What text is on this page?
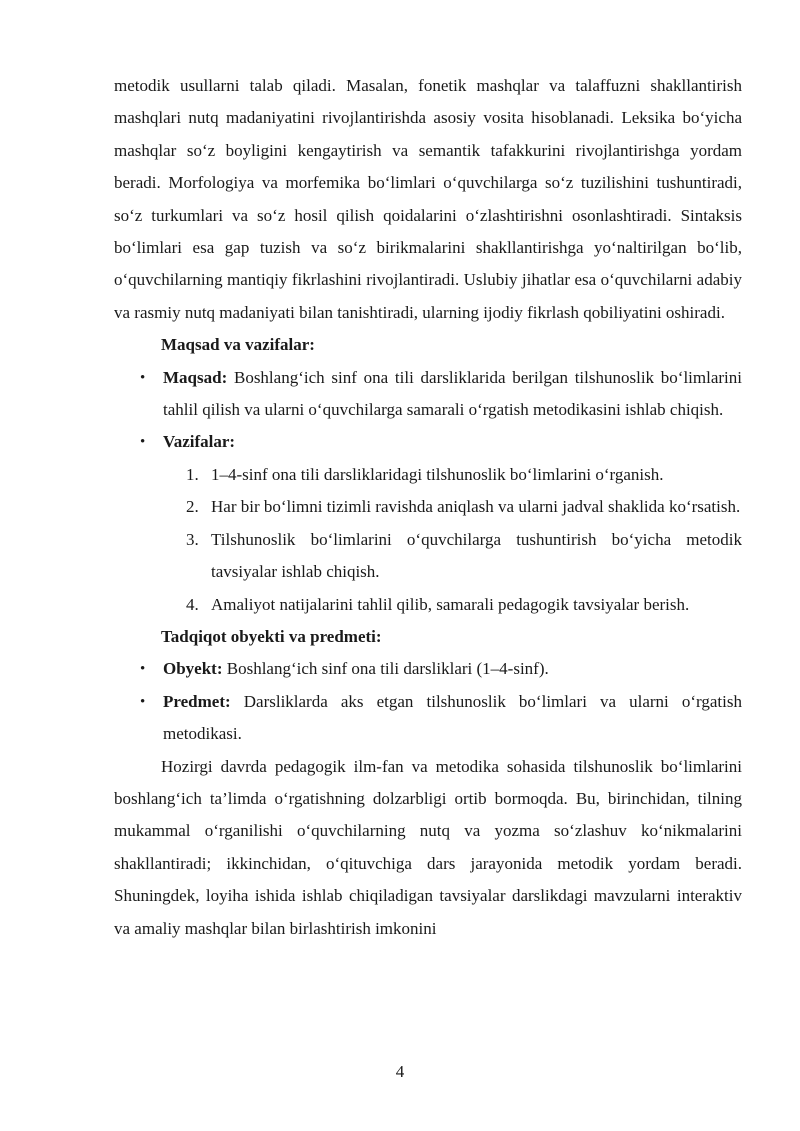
metodik usullarni talab qiladi. Masalan, fonetik mashqlar va talaffuzni shakllantirish mashqlari nutq madaniyatini rivojlantirishda asosiy vosita hisoblanadi. Leksika bo‘yicha mashqlar so‘z boyligini kengaytirish va semantik tafakkurini rivojlantirishga yordam beradi. Morfologiya va morfemika bo‘limlari o‘quvchilarga so‘z tuzilishini tushuntiradi, so‘z turkumlari va so‘z hosil qilish qoidalarini o‘zlashtirishni osonlashtiradi. Sintaksis bo‘limlari esa gap tuzish va so‘z birikmalarini shakllantirishga yo‘naltirilgan bo‘lib, o‘quvchilarning mantiqiy fikrlashini rivojlantiradi. Uslubiy jihatlar esa o‘quvchilarni adabiy va rasmiy nutq madaniyati bilan tanishtiradi, ularning ijodiy fikrlash qobiliyatini oshiradi.

Maqsad va vazifalar:

• Maqsad: Boshlang‘ich sinf ona tili darsliklarida berilgan tilshunoslik bo‘limlarini tahlil qilish va ularni o‘quvchilarga samarali o‘rgatish metodikasini ishlab chiqish.
• Vazifalar:
1. 1–4-sinf ona tili darsliklaridagi tilshunoslik bo‘limlarini o‘rganish.
2. Har bir bo‘limni tizimli ravishda aniqlash va ularni jadval shaklida ko‘rsatish.
3. Tilshunoslik bo‘limlarini o‘quvchilarga tushuntirish bo‘yicha metodik tavsiyalar ishlab chiqish.
4. Amaliyot natijalarini tahlil qilib, samarali pedagogik tavsiyalar berish.

Tadqiqot obyekti va predmeti:

• Obyekt: Boshlang‘ich sinf ona tili darsliklari (1–4-sinf).
• Predmet: Darsliklarda aks etgan tilshunoslik bo‘limlari va ularni o‘rgatish metodikasi.

Hozirgi davrda pedagogik ilm-fan va metodika sohasida tilshunoslik bo‘limlarini boshlang‘ich ta’limda o‘rgatishning dolzarbligi ortib bormoqda. Bu, birinchidan, tilning mukammal o‘rganilishi o‘quvchilarning nutq va yozma so‘zlashuv ko‘nikmalarini shakllantiradi; ikkinchidan, o‘qituvchiga dars jarayonida metodik yordam beradi. Shuningdek, loyiha ishida ishlab chiqiladigan tavsiyalar darslikdagi mavzularni interaktiv va amaliy mashqlar bilan birlashtirish imkonini

4
